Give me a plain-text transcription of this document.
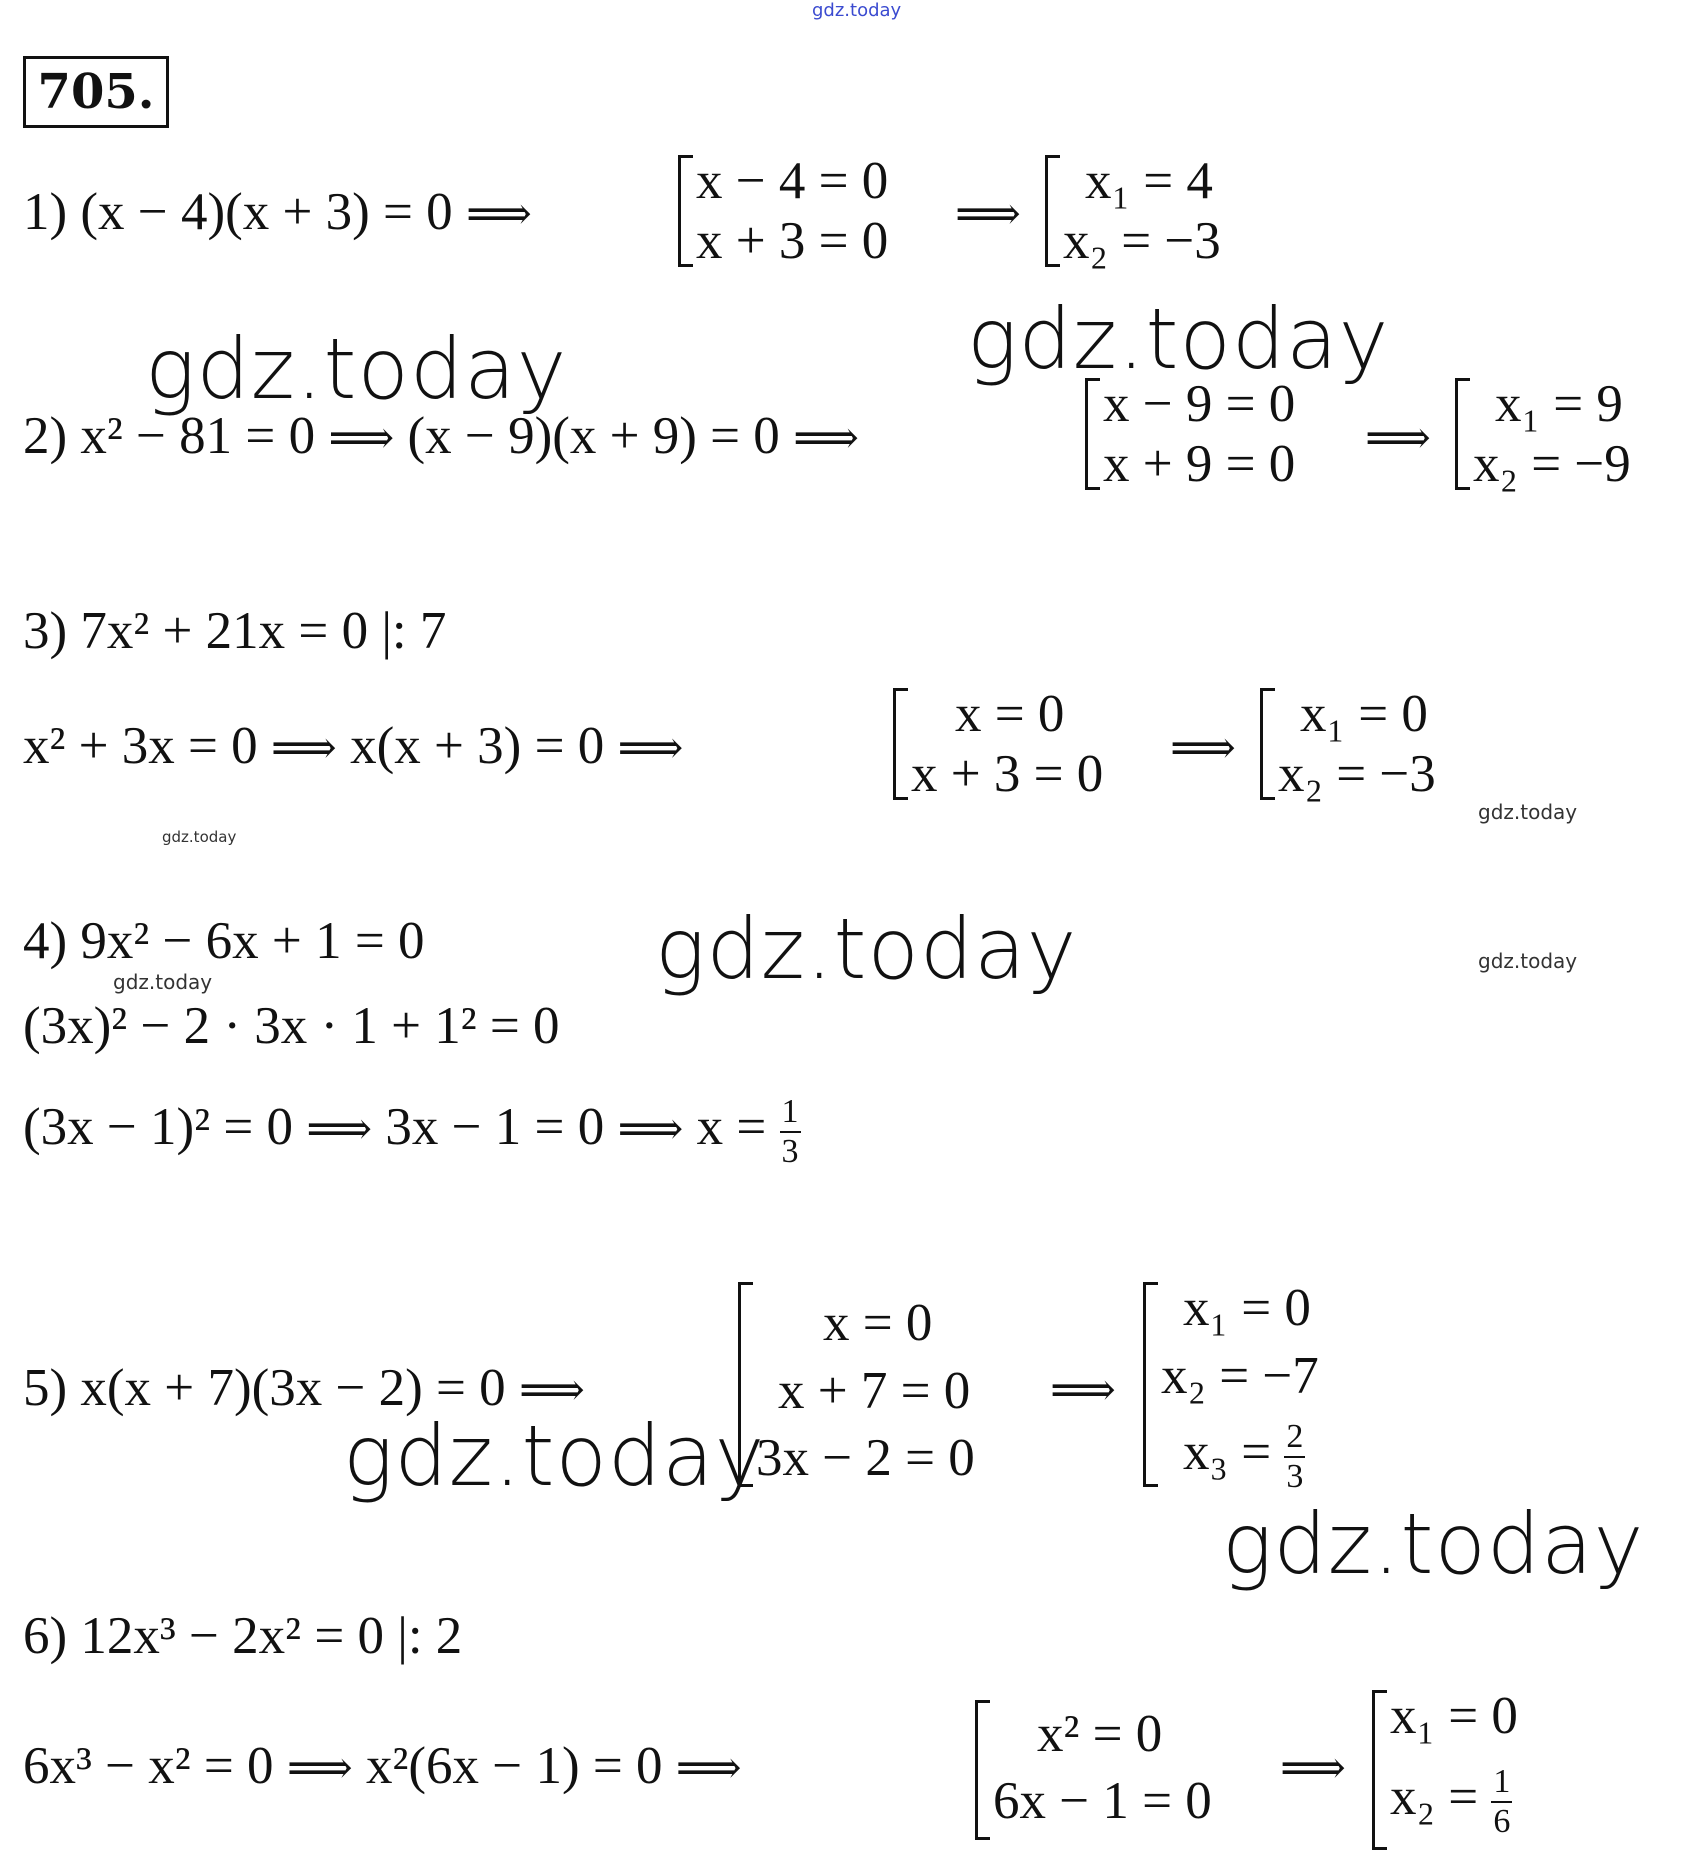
gdz.today
gdz.today	gdz.today
gdz.today
gdz.today
gdz.today	gdz.today
gdz.today
gdz.today
gdz.today
705.
1) (x − 4)(x + 3) = 0 ⟹
x − 4 = 0
x + 3 = 0 ⟹
x₁ = 4
x₂ = −3
2) x² − 81 = 0 ⟹ (x − 9)(x + 9) = 0 ⟹
x − 9 = 0
x + 9 = 0 ⟹
x₁ = 9
x₂ = −9
3) 7x² + 21x = 0 |: 7
x² + 3x = 0 ⟹ x(x + 3) = 0 ⟹
x = 0
x + 3 = 0 ⟹
x₁ = 0
x₂ = −3
4) 9x² − 6x + 1 = 0
(3x)² − 2 · 3x · 1 + 1² = 0
(3x − 1)² = 0 ⟹ 3x − 1 = 0 ⟹ $x = \frac{1}{3}$
5) x(x + 7)(3x − 2) = 0 ⟹
x = 0
x + 7 = 0
3x − 2 = 0
⟹
x₁ = 0
x₂ = −7
$x_3 = \frac{2}{3}$
6) 12x³ − 2x² = 0 |: 2
6x³ − x² = 0 ⟹ x²(6x − 1) = 0 ⟹
x² = 0
6x − 1 = 0
⟹
x₁ = 0
$x_2 = \frac{1}{6}$
